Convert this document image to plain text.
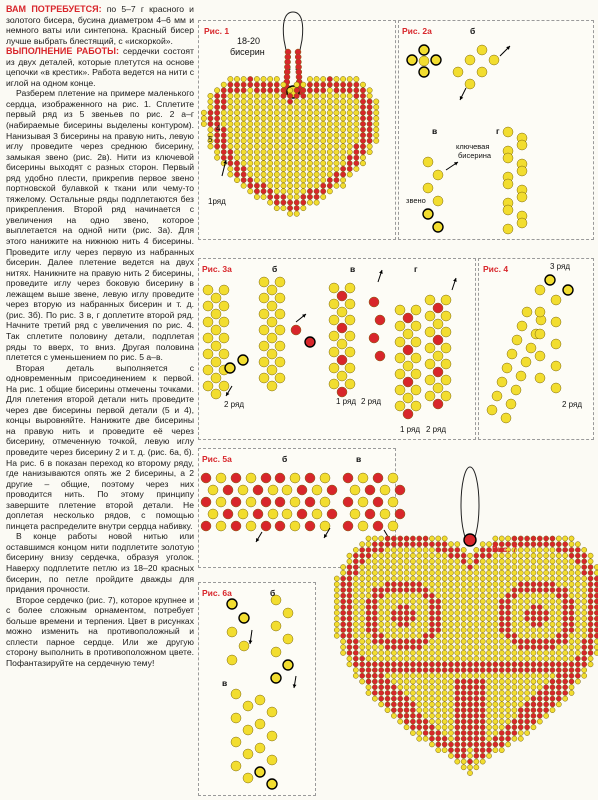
ВАМ ПОТРЕБУЕТСЯ: по 5–7 г красного и золотого бисера, бусина диаметром 4–6 мм и немного ваты или синтепона. Красный бисер лучше выбрать блестящий, с «искоркой».

ВЫПОЛНЕНИЕ РАБОТЫ: сердечки состоят из двух деталей, которые плетутся на основе цепочки «в крестик». Работа ведется на нити с иглой на одном конце.

Разберем плетение на примере маленького сердца, изображенного на рис. 1. Сплетите первый ряд из 5 звеньев по рис. 2 а–г (набираемые бисерины выделены контуром). Нанизывая 3 бисерины на правую нить, левую иглу проведите через среднюю бисерину, замыкая звено (рис. 2в). Нити из ключевой бисерины выходят с разных сторон. Первый ряд удобно плести, прикрепив первое звено портновской булавкой к ткани или чему-то тяжелому. Остальные ряды подплетаются без прикрепления. Второй ряд начинается с увеличения на одно звено, которое выплетается на одной нити (рис. 3а). Для этого нанижите на нижнюю нить 4 бисерины. Проведите иглу через первую из набранных бисерин. Далее плетение ведется на двух нитях. Наникните на правую нить 2 бисерины, проведите иглу через боковую бисерину в лежащем выше звене, левую иглу проведите через вторую из набранных бисерин и т. д. (рис. 3б). По рис. 3 в, г доплетите второй ряд. Начните третий ряд с увеличения по рис. 4. Так сплетите половину детали, подплетая ряды то вверх, то вниз. Другая половина плетется с уменьшением по рис. 5 а–в.

Вторая деталь выполняется с одновременным присоединением к первой. На рис. 1 общие бисерины отмечены точками. Для плетения второй детали нить проведите через две бисерины первой детали (5 и 4), концы выровняйте. Нанижите две бисерины на правую нить и проведите её через бисерину, отмеченную точкой, левую иглу проведите через бисерину 2 и т. д. (рис. 6а, б). На рис. 6 в показан переход ко второму ряду, где нанизываются опять же 2 бисерины, а 2 другие – общие, поэтому через них проводится нить. По этому принципу завершите плетение второй детали. Не доплетая несколько рядов, с помощью пинцета распределите внутри сердца набивку.

В конце работы новой нитью или оставшимся концом нити подплетите золотую бисерину внизу сердечка, образуя уголок. Наверху подплетите петлю из 18–20 красных бисерин, по петле пройдите дважды для придания прочности.

Второе сердечко (рис. 7), которое крупнее и с более сложным орнаментом, потребует больше времени и терпения. Цвет в рисунках можно изменить на противоположный и сплести парное сердце. Или же другую сторону выполнить в противоположном цвете. Пофантазируйте на сердечную тему!

Рис. 1
18-20
бисерин
4
5
1ряд
Рис. 2а	б
в	г
ключевая
бисерина
звено
Рис. 3а	б	в	г
2 ряд	1 ряд 2 ряд
1 ряд 2 ряд
Рис. 4	3 ряд
2 ряд
Рис. 5а	б	в
Рис. 6а	б
в
Рис. 7
